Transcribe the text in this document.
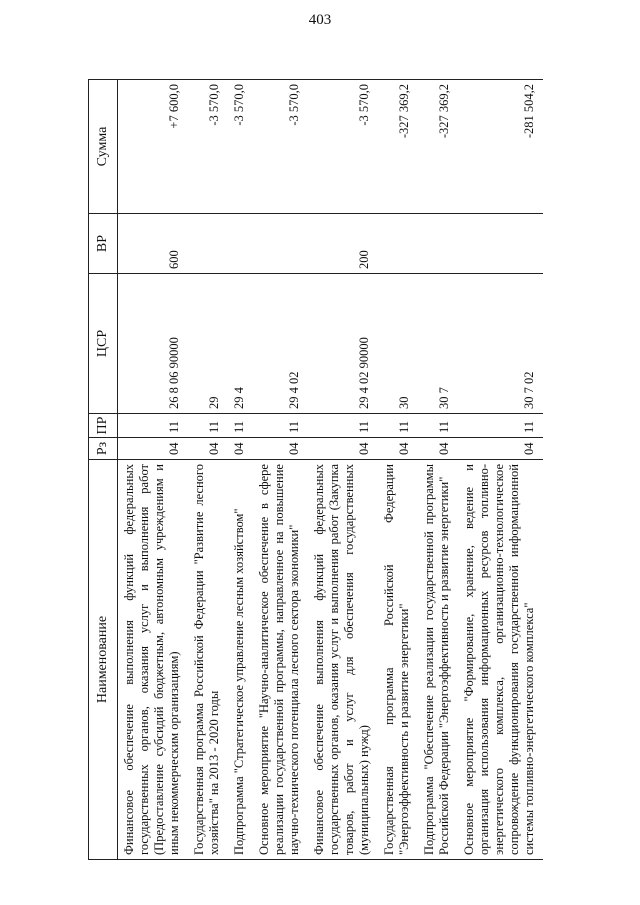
403
Наименование	Рз	ПР	ЦСР	ВР	Сумма
Финансовое обеспечение выполнения функций федеральных государственных органов, оказания услуг и выполнения работ (Предоставление субсидий бюджетным, автономным учреждениям и иным некоммерческим организациям)	04	11	26 8 06 90000	600	+7 600,0
Государственная программа Российской Федерации "Развитие лесного хозяйства" на 2013 - 2020 годы	04	11	29		-3 570,0
Подпрограмма "Стратегическое управление лесным хозяйством"	04	11	29 4		-3 570,0
Основное мероприятие "Научно-аналитическое обеспечение в сфере реализации государственной программы, направленное на повышение научно-технического потенциала лесного сектора экономики"	04	11	29 4 02		-3 570,0
Финансовое обеспечение выполнения функций федеральных государственных органов, оказания услуг и выполнения работ (Закупка товаров, работ и услуг для обеспечения государственных (муниципальных) нужд)	04	11	29 4 02 90000	200	-3 570,0
Государственная программа Российской Федерации "Энергоэффективность и развитие энергетики"	04	11	30		-327 369,2
Подпрограмма "Обеспечение реализации государственной программы Российской Федерации "Энергоэффективность и развитие энергетики"	04	11	30 7		-327 369,2
Основное мероприятие "Формирование, хранение, ведение и организация использования информационных ресурсов топливно-энергетического комплекса, организационно-технологическое сопровождение функционирования государственной информационной системы топливно-энергетического комплекса"	04	11	30 7 02		-281 504,2
